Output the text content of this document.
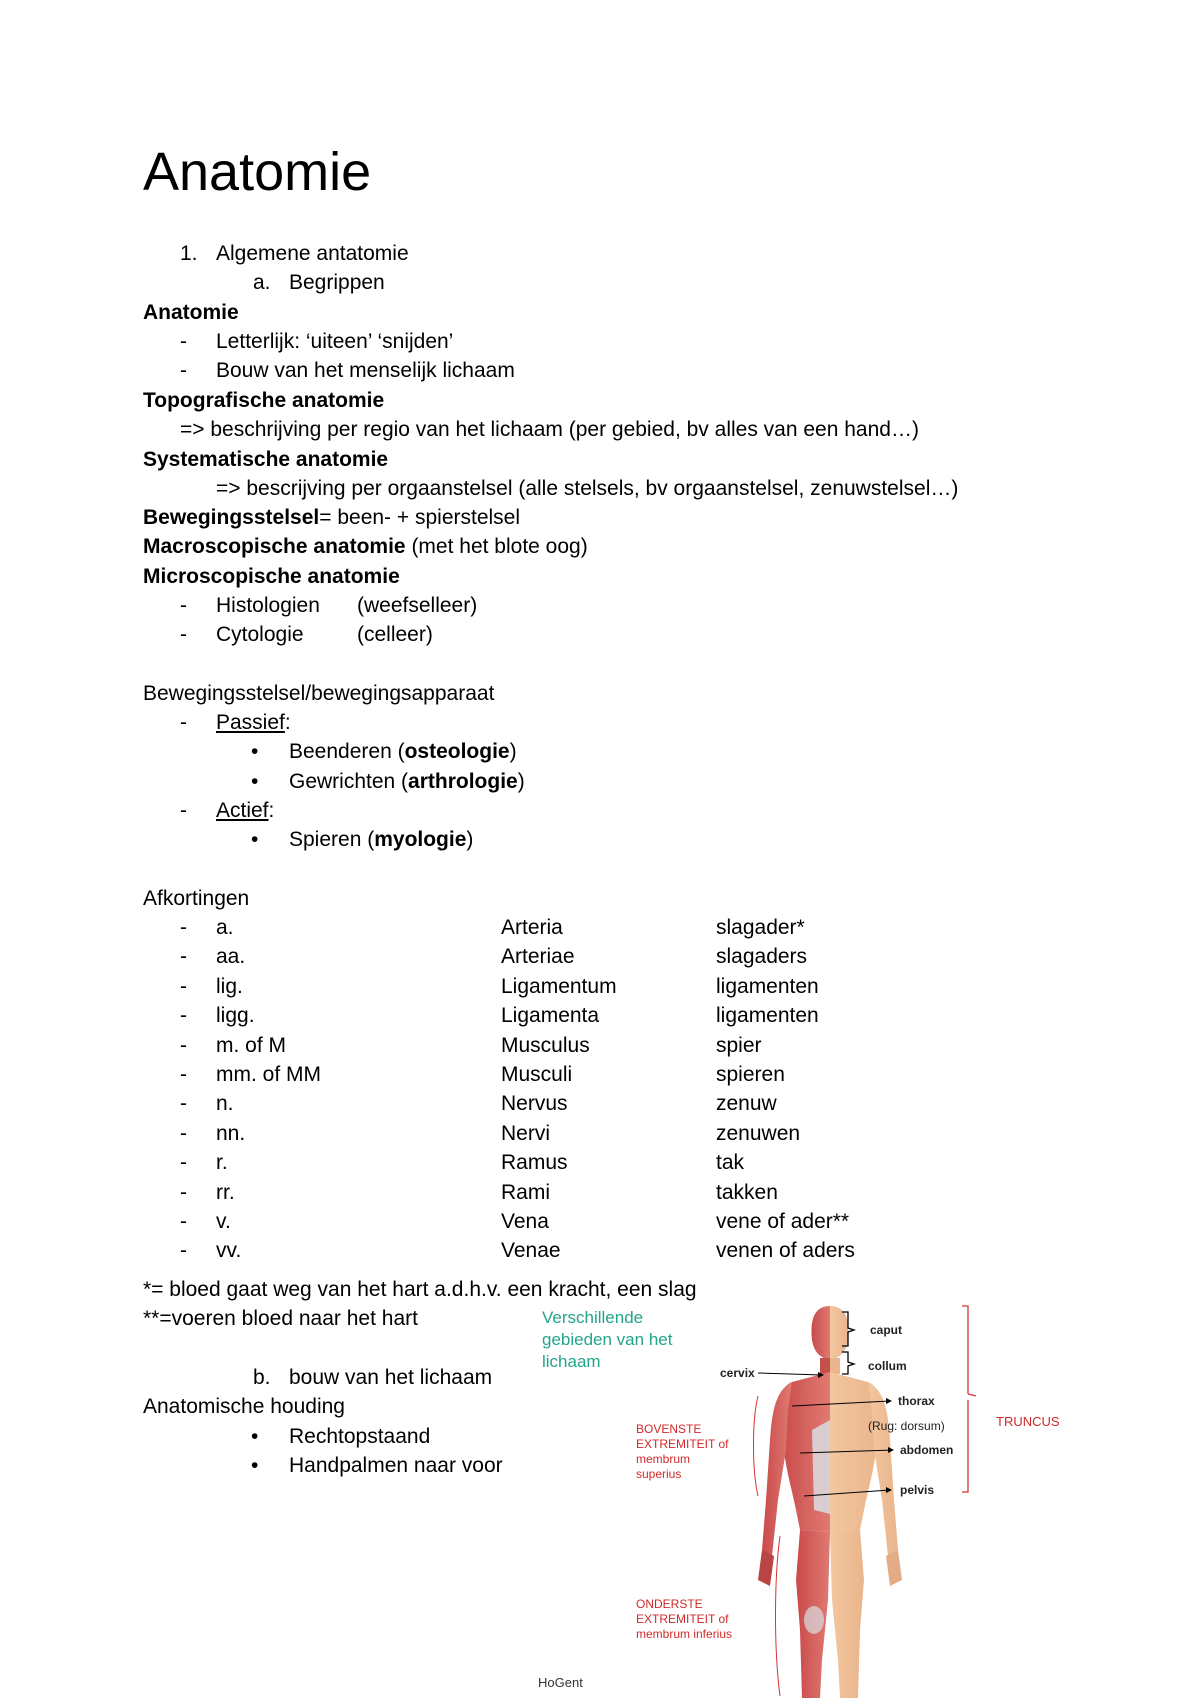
Anatomie
1. Algemene antatomie
a. Begrippen
Anatomie
- Letterlijk: ‘uiteen’ ‘snijden’
- Bouw van het menselijk lichaam
Topografische anatomie
=> beschrijving per regio van het lichaam (per gebied, bv alles van een hand…)
Systematische anatomie
=> bescrijving per orgaanstelsel (alle stelsels, bv orgaanstelsel, zenuwstelsel…)
Bewegingsstelsel= been- + spierstelsel
Macroscopische anatomie (met het blote oog)
Microscopische anatomie
- Histologien (weefselleer)
- Cytologie	(celleer)
Bewegingsstelsel/bewegingsapparaat
- Passief:
• Beenderen (osteologie)
• Gewrichten (arthrologie)
- Actief:
• Spieren (myologie)
Afkortingen
- a.	Arteria	slagader*
- aa.	Arteriae	slagaders
- lig.	Ligamentum	ligamenten
- ligg.	Ligamenta	ligamenten
- m. of M	Musculus	spier
- mm. of MM	Musculi	spieren
- n.	Nervus	zenuw
- nn.	Nervi	zenuwen
- r.	Ramus	tak
- rr.	Rami	takken
- v.	Vena	vene of ader**
- vv.	Venae	venen of aders
*= bloed gaat weg van het hart a.d.h.v. een kracht, een slag
**=voeren bloed naar het hart
b. bouw van het lichaam
Anatomische houding
• Rechtopstaand
• Handpalmen naar voor
Verschillende
gebieden van het
lichaam
cervix
caput
collum
thorax
(Rug: dorsum)
abdomen
pelvis
TRUNCUS
BOVENSTE
EXTREMITEIT of
membrum
superius
ONDERSTE
EXTREMITEIT of
membrum inferius
HoGent
